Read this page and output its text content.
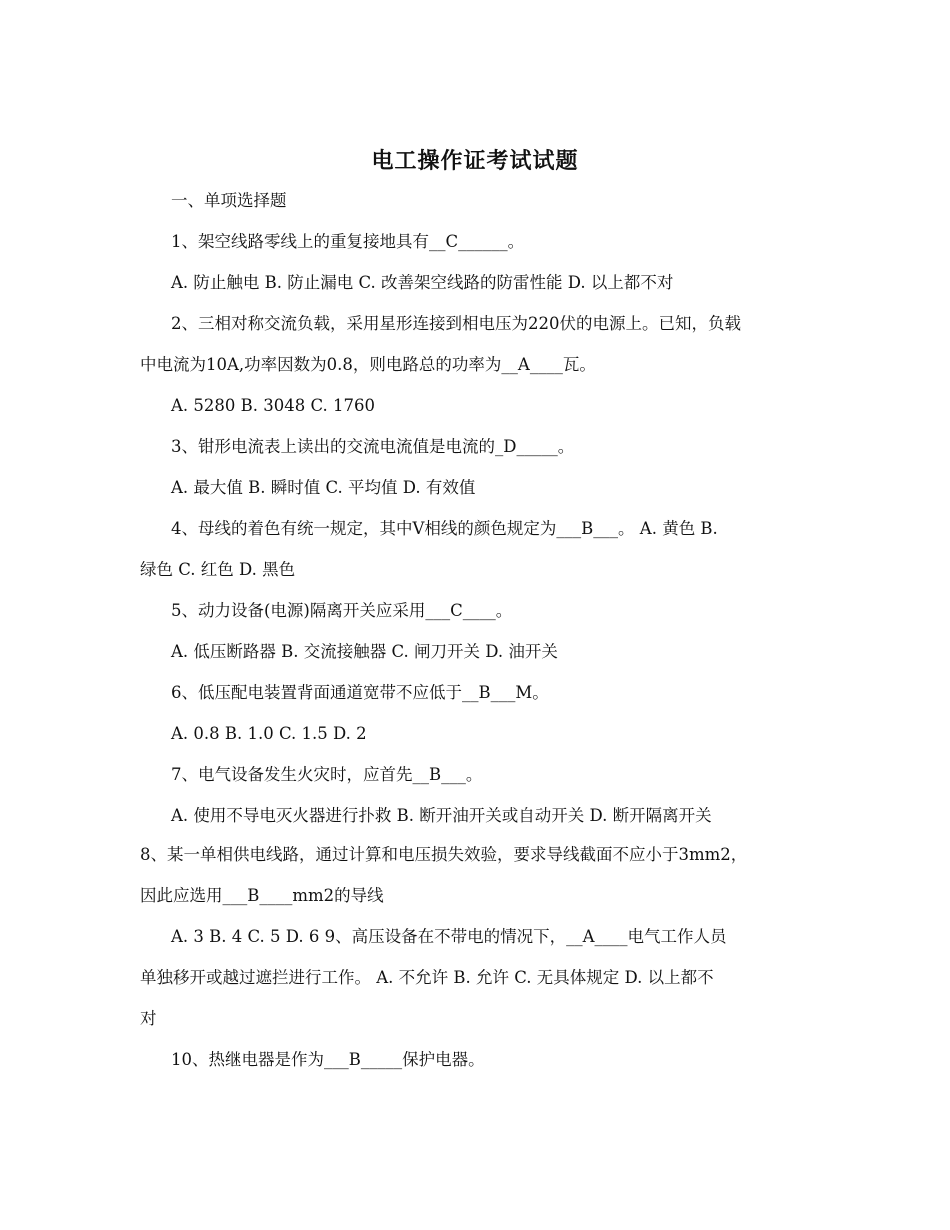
电工操作证考试试题
一、单项选择题
1、架空线路零线上的重复接地具有__C______。
A. 防止触电 B. 防止漏电 C. 改善架空线路的防雷性能 D. 以上都不对
2、三相对称交流负载，采用星形连接到相电压为220伏的电源上。已知，负载
中电流为10A,功率因数为0.8，则电路总的功率为__A____瓦。
A. 5280 B. 3048 C. 1760
3、钳形电流表上读出的交流电流值是电流的_D_____。
A. 最大值 B. 瞬时值 C. 平均值 D. 有效值
4、母线的着色有统一规定，其中V相线的颜色规定为___B___。 A. 黄色 B.
绿色 C. 红色 D. 黑色
5、动力设备(电源)隔离开关应采用___C____。
A. 低压断路器 B. 交流接触器 C. 闸刀开关 D. 油开关
6、低压配电装置背面通道宽带不应低于__B___M。
A. 0.8 B. 1.0 C. 1.5 D. 2
7、电气设备发生火灾时，应首先__B___。
A. 使用不导电灭火器进行扑救 B. 断开油开关或自动开关 D. 断开隔离开关
8、某一单相供电线路，通过计算和电压损失效验，要求导线截面不应小于3mm2，
因此应选用___B____mm2的导线
A. 3 B. 4 C. 5 D. 6 9、高压设备在不带电的情况下，__A____电气工作人员
单独移开或越过遮拦进行工作。 A. 不允许 B. 允许 C. 无具体规定 D. 以上都不
对
10、热继电器是作为___B_____保护电器。
